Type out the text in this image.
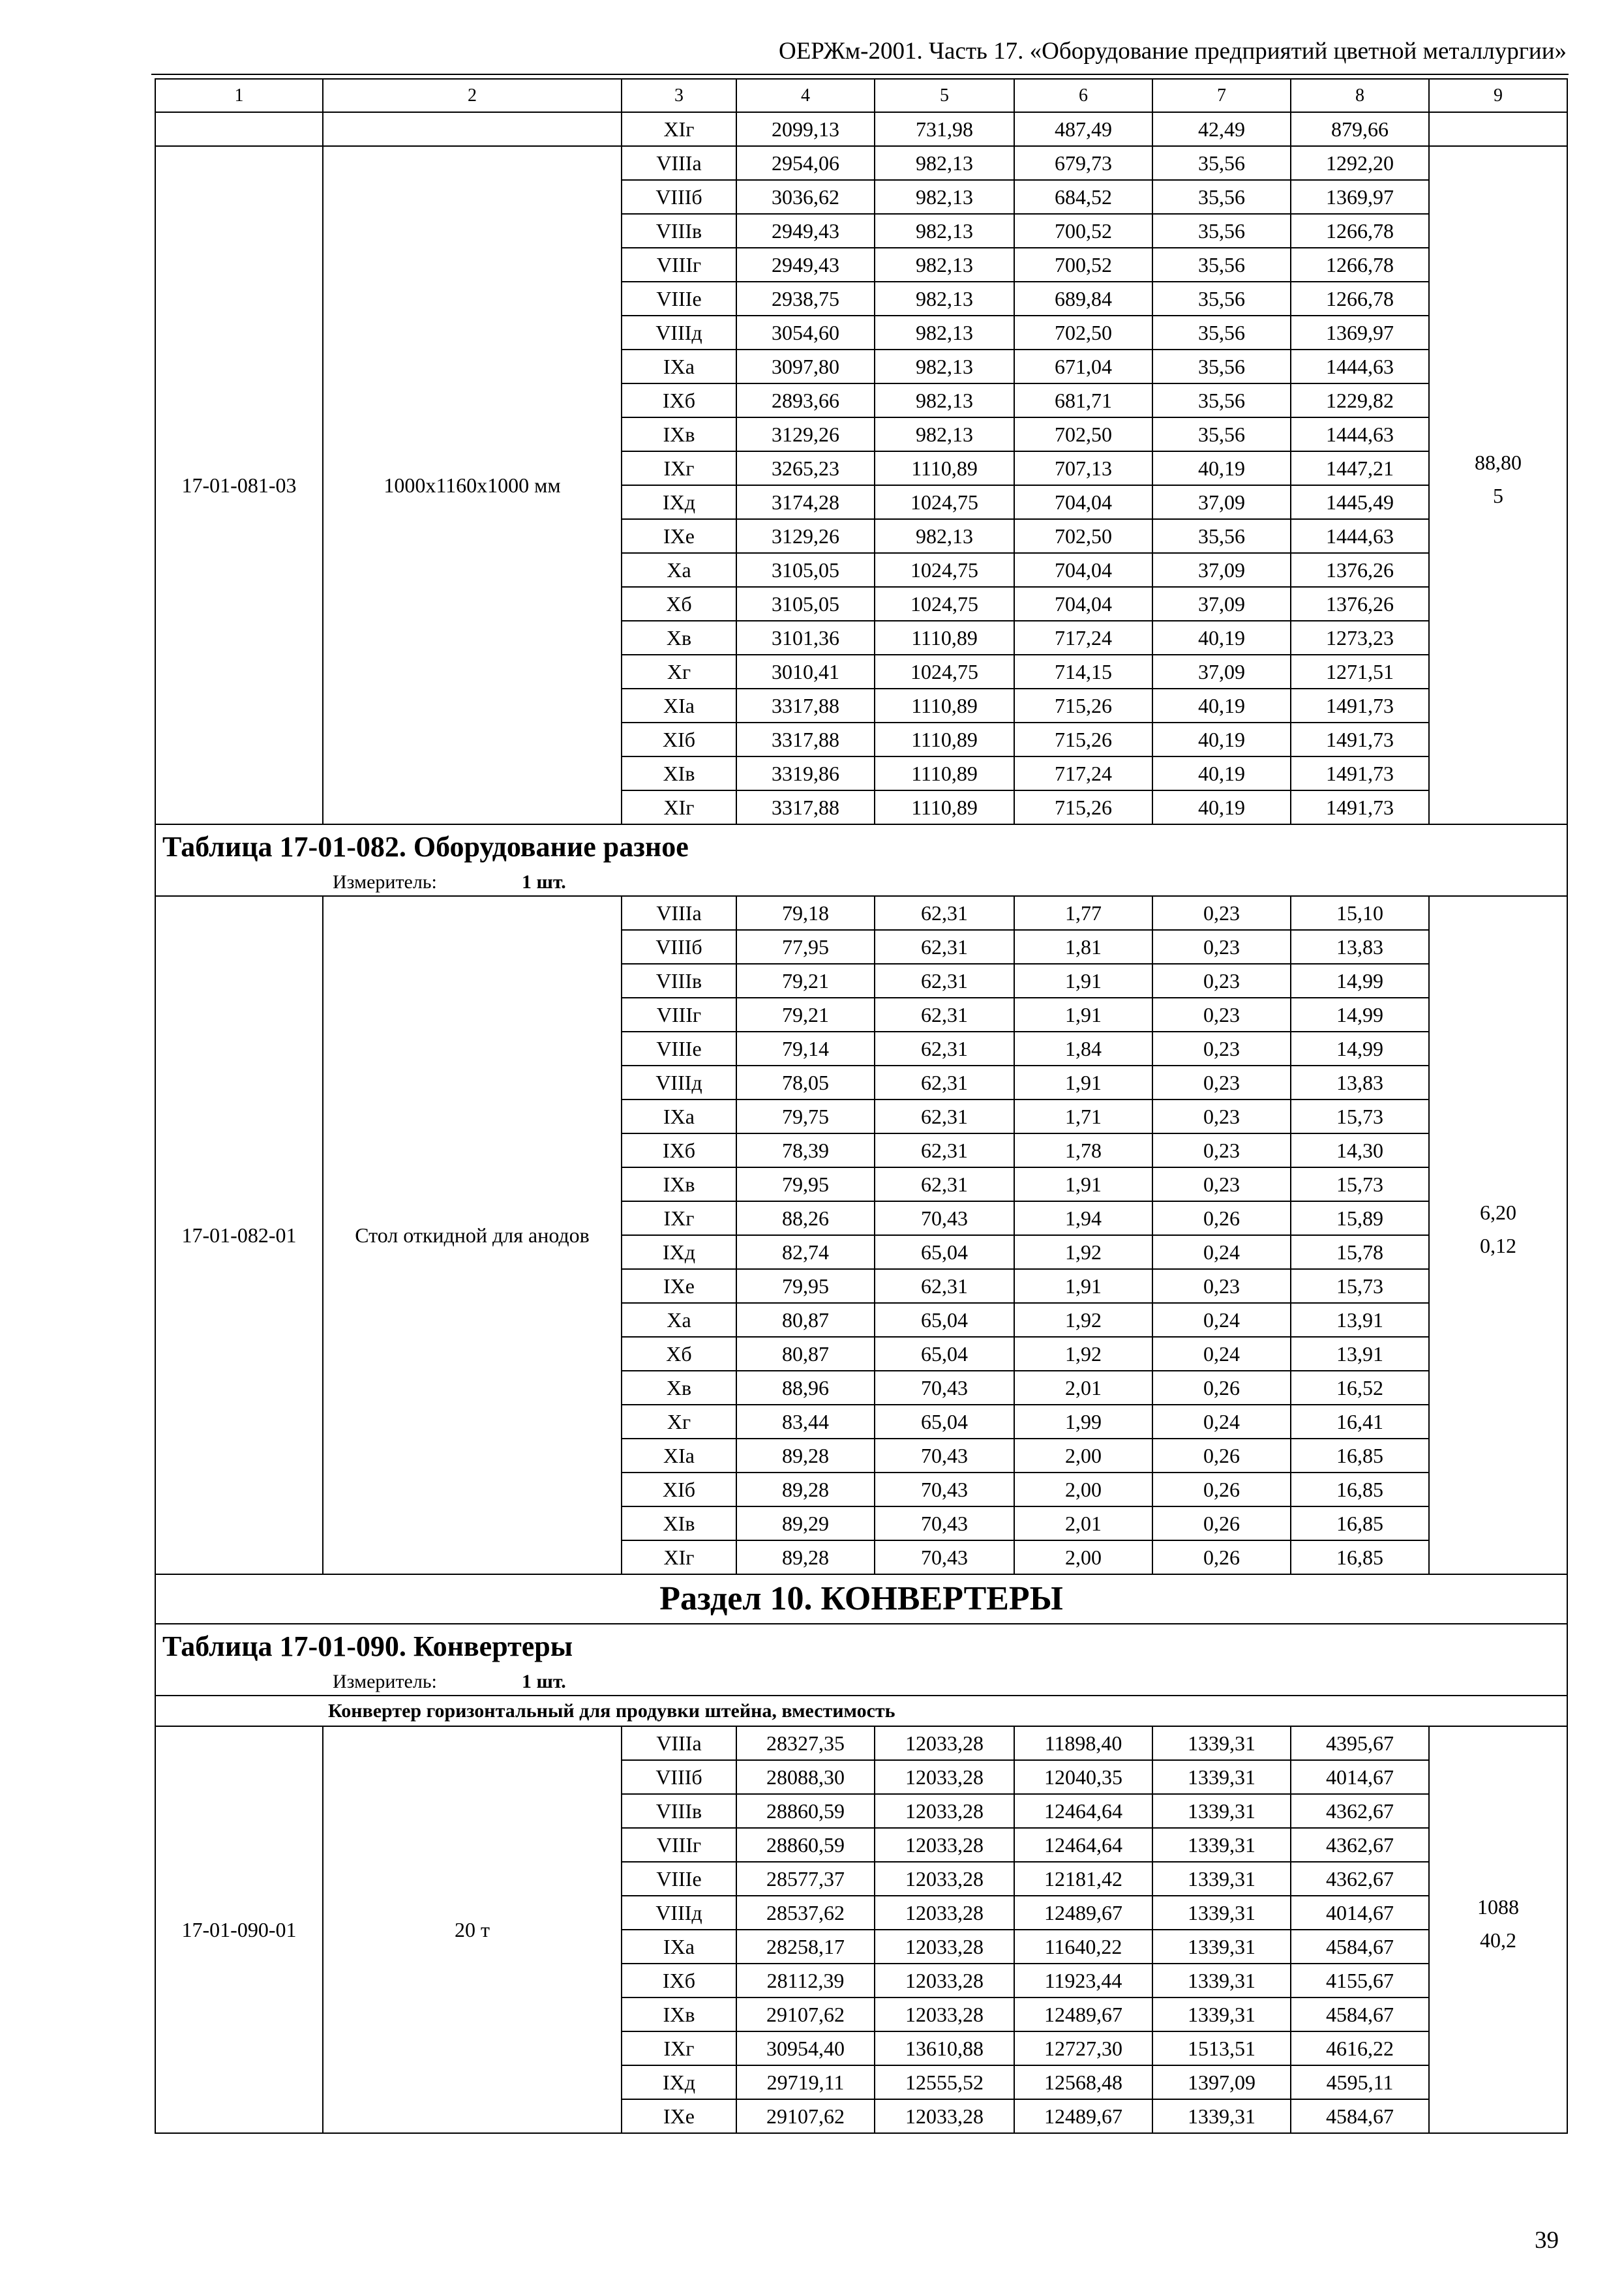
ОЕРЖм-2001. Часть 17. «Оборудование предприятий цветной металлургии»
1	2	3	4	5	6	7	8	9
		XIг	2099,13	731,98	487,49	42,49	879,66	
17-01-081-03	1000x1160x1000 мм	VIIIа	2954,06	982,13	679,73	35,56	1292,20	88,80
5

		VIIIб	3036,62	982,13	684,52	35,56	1369,97	
		VIIIв	2949,43	982,13	700,52	35,56	1266,78	
		VIIIг	2949,43	982,13	700,52	35,56	1266,78	
		VIIIе	2938,75	982,13	689,84	35,56	1266,78	
		VIIIд	3054,60	982,13	702,50	35,56	1369,97	
		IXа	3097,80	982,13	671,04	35,56	1444,63	
		IXб	2893,66	982,13	681,71	35,56	1229,82	
		IXв	3129,26	982,13	702,50	35,56	1444,63	
		IXг	3265,23	1110,89	707,13	40,19	1447,21	
		IXд	3174,28	1024,75	704,04	37,09	1445,49	
		IXе	3129,26	982,13	702,50	35,56	1444,63	
		Xа	3105,05	1024,75	704,04	37,09	1376,26	
		Xб	3105,05	1024,75	704,04	37,09	1376,26	
		Xв	3101,36	1110,89	717,24	40,19	1273,23	
		Xг	3010,41	1024,75	714,15	37,09	1271,51	
		XIа	3317,88	1110,89	715,26	40,19	1491,73	
		XIб	3317,88	1110,89	715,26	40,19	1491,73	
		XIв	3319,86	1110,89	717,24	40,19	1491,73	
		XIг	3317,88	1110,89	715,26	40,19	1491,73	
Таблица 17-01-082. Оборудование разное								
Измеритель: 1 шт.								
17-01-082-01	Стол откидной для анодов	VIIIа	79,18	62,31	1,77	0,23	15,10	6,20
0,12

		VIIIб	77,95	62,31	1,81	0,23	13,83	
		VIIIв	79,21	62,31	1,91	0,23	14,99	
		VIIIг	79,21	62,31	1,91	0,23	14,99	
		VIIIе	79,14	62,31	1,84	0,23	14,99	
		VIIIд	78,05	62,31	1,91	0,23	13,83	
		IXа	79,75	62,31	1,71	0,23	15,73	
		IXб	78,39	62,31	1,78	0,23	14,30	
		IXв	79,95	62,31	1,91	0,23	15,73	
		IXг	88,26	70,43	1,94	0,26	15,89	
		IXд	82,74	65,04	1,92	0,24	15,78	
		IXе	79,95	62,31	1,91	0,23	15,73	
		Xа	80,87	65,04	1,92	0,24	13,91	
		Xб	80,87	65,04	1,92	0,24	13,91	
		Xв	88,96	70,43	2,01	0,26	16,52	
		Xг	83,44	65,04	1,99	0,24	16,41	
		XIа	89,28	70,43	2,00	0,26	16,85	
		XIб	89,28	70,43	2,00	0,26	16,85	
		XIв	89,29	70,43	2,01	0,26	16,85	
		XIг	89,28	70,43	2,00	0,26	16,85	
Раздел 10. КОНВЕРТЕРЫ								
Таблица 17-01-090. Конвертеры								
Измеритель: 1 шт.								
Конвертер горизонтальный для продувки штейна, вместимость								
17-01-090-01	20 т	VIIIа	28327,35	12033,28	11898,40	1339,31	4395,67	1088
40,2

		VIIIб	28088,30	12033,28	12040,35	1339,31	4014,67	
		VIIIв	28860,59	12033,28	12464,64	1339,31	4362,67	
		VIIIг	28860,59	12033,28	12464,64	1339,31	4362,67	
		VIIIе	28577,37	12033,28	12181,42	1339,31	4362,67	
		VIIIд	28537,62	12033,28	12489,67	1339,31	4014,67	
		IXа	28258,17	12033,28	11640,22	1339,31	4584,67	
		IXб	28112,39	12033,28	11923,44	1339,31	4155,67	
		IXв	29107,62	12033,28	12489,67	1339,31	4584,67	
		IXг	30954,40	13610,88	12727,30	1513,51	4616,22	
		IXд	29719,11	12555,52	12568,48	1397,09	4595,11	
		IXе	29107,62	12033,28	12489,67	1339,31	4584,67	
39
